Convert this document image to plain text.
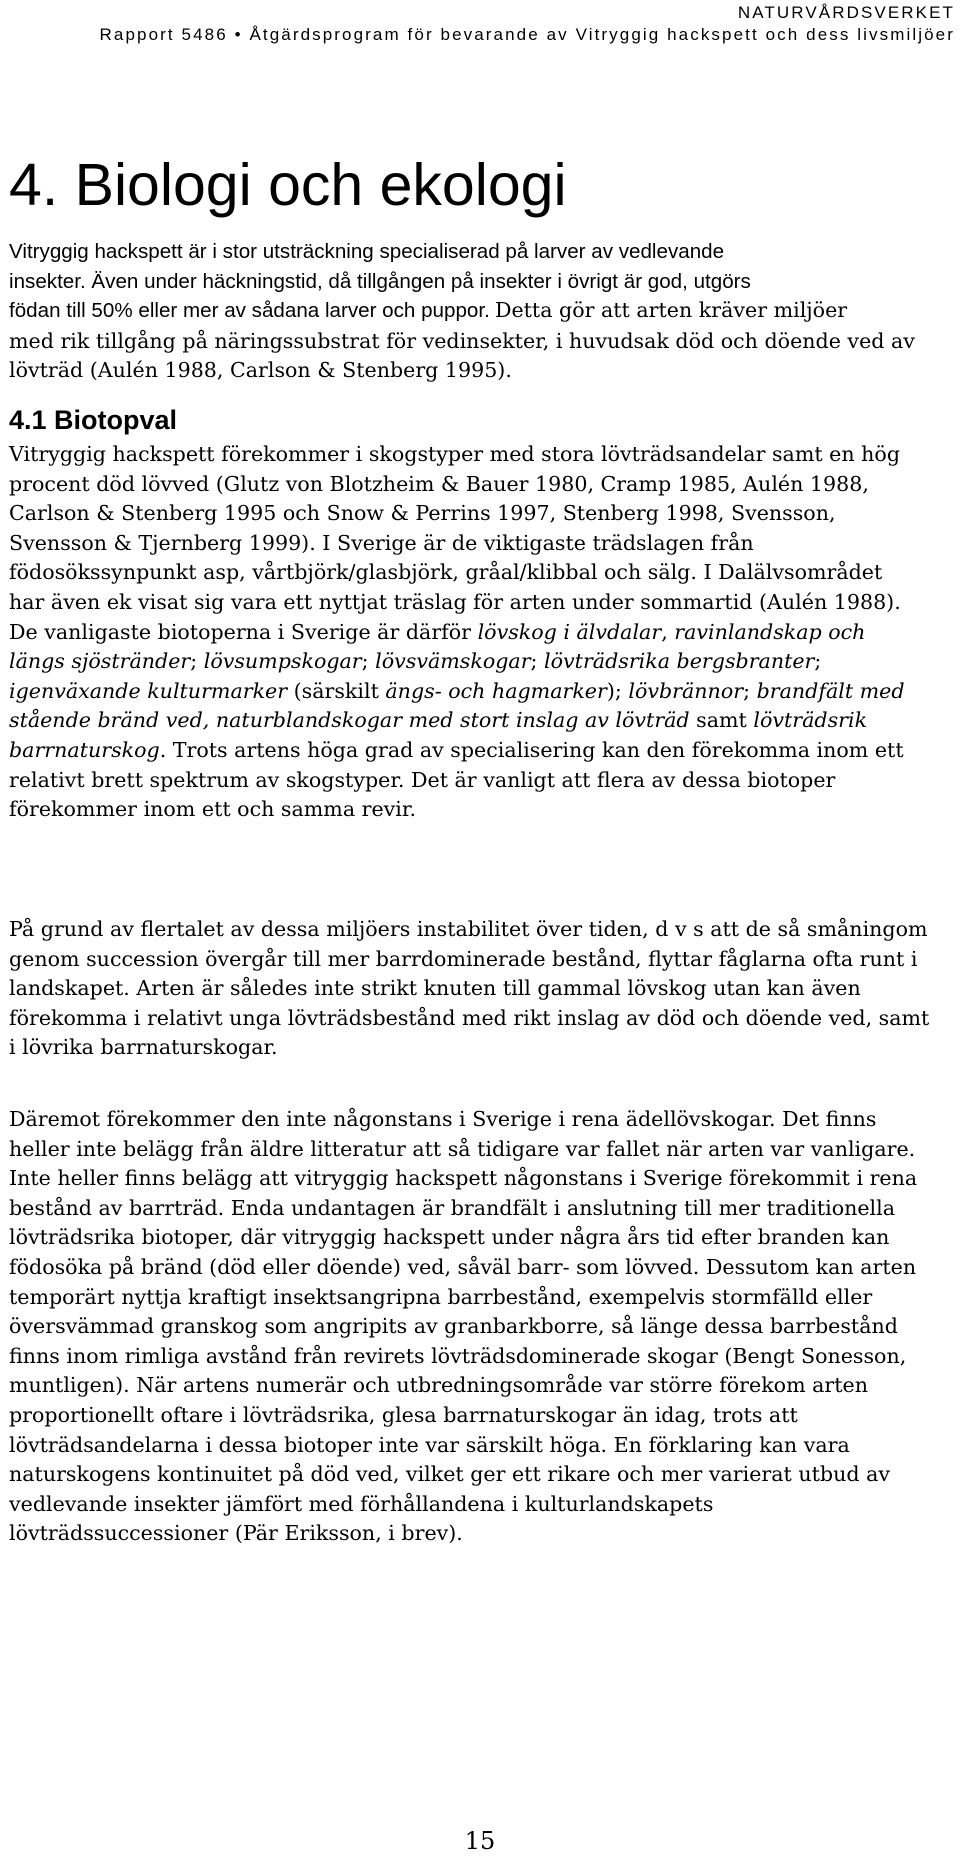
NATURVÅRDSVERKET
Rapport 5486 • Åtgärdsprogram för bevarande av Vitryggig hackspett och dess livsmiljöer
4. Biologi och ekologi
Vitryggig hackspett är i stor utsträckning specialiserad på larver av vedlevande
insekter. Även under häckningstid, då tillgången på insekter i övrigt är god, utgörs
födan till 50% eller mer av sådana larver och puppor. Detta gör att arten kräver miljöer
med rik tillgång på näringssubstrat för vedinsekter, i huvudsak död och döende ved av
lövträd (Aulén 1988, Carlson & Stenberg 1995).
4.1 Biotopval
Vitryggig hackspett förekommer i skogstyper med stora lövträdsandelar samt en hög
procent död lövved (Glutz von Blotzheim & Bauer 1980, Cramp 1985, Aulén 1988,
Carlson & Stenberg 1995 och Snow & Perrins 1997, Stenberg 1998, Svensson,
Svensson & Tjernberg 1999). I Sverige är de viktigaste trädslagen från
födosökssynpunkt asp, vårtbjörk/glasbjörk, gråal/klibbal och sälg. I Dalälvsområdet
har även ek visat sig vara ett nyttjat träslag för arten under sommartid (Aulén 1988).
De vanligaste biotoperna i Sverige är därför lövskog i älvdalar, ravinlandskap och
längs sjöstränder; lövsumpskogar; lövsvämskogar; lövträdsrika bergsbranter;
igenväxande kulturmarker (särskilt ängs- och hagmarker); lövbrännor; brandfält med
stående bränd ved, naturblandskogar med stort inslag av lövträd samt lövträdsrik
barrnaturskog. Trots artens höga grad av specialisering kan den förekomma inom ett
relativt brett spektrum av skogstyper. Det är vanligt att flera av dessa biotoper
förekommer inom ett och samma revir.
På grund av flertalet av dessa miljöers instabilitet över tiden, d v s att de så småningom
genom succession övergår till mer barrdominerade bestånd, flyttar fåglarna ofta runt i
landskapet. Arten är således inte strikt knuten till gammal lövskog utan kan även
förekomma i relativt unga lövträdsbestånd med rikt inslag av död och döende ved, samt
i lövrika barrnaturskogar.
Däremot förekommer den inte någonstans i Sverige i rena ädellövskogar. Det finns
heller inte belägg från äldre litteratur att så tidigare var fallet när arten var vanligare.
Inte heller finns belägg att vitryggig hackspett någonstans i Sverige förekommit i rena
bestånd av barrträd. Enda undantagen är brandfält i anslutning till mer traditionella
lövträdsrika biotoper, där vitryggig hackspett under några års tid efter branden kan
födosöka på bränd (död eller döende) ved, såväl barr- som lövved. Dessutom kan arten
temporärt nyttja kraftigt insektsangripna barrbestånd, exempelvis stormfälld eller
översvämmad granskog som angripits av granbarkborre, så länge dessa barrbestånd
finns inom rimliga avstånd från revirets lövträdsdominerade skogar (Bengt Sonesson,
muntligen). När artens numerär och utbredningsområde var större förekom arten
proportionellt oftare i lövträdsrika, glesa barrnaturskogar än idag, trots att
lövträdsandelarna i dessa biotoper inte var särskilt höga. En förklaring kan vara
naturskogens kontinuitet på död ved, vilket ger ett rikare och mer varierat utbud av
vedlevande insekter jämfört med förhållandena i kulturlandskapets
lövträdssuccessioner (Pär Eriksson, i brev).
15
